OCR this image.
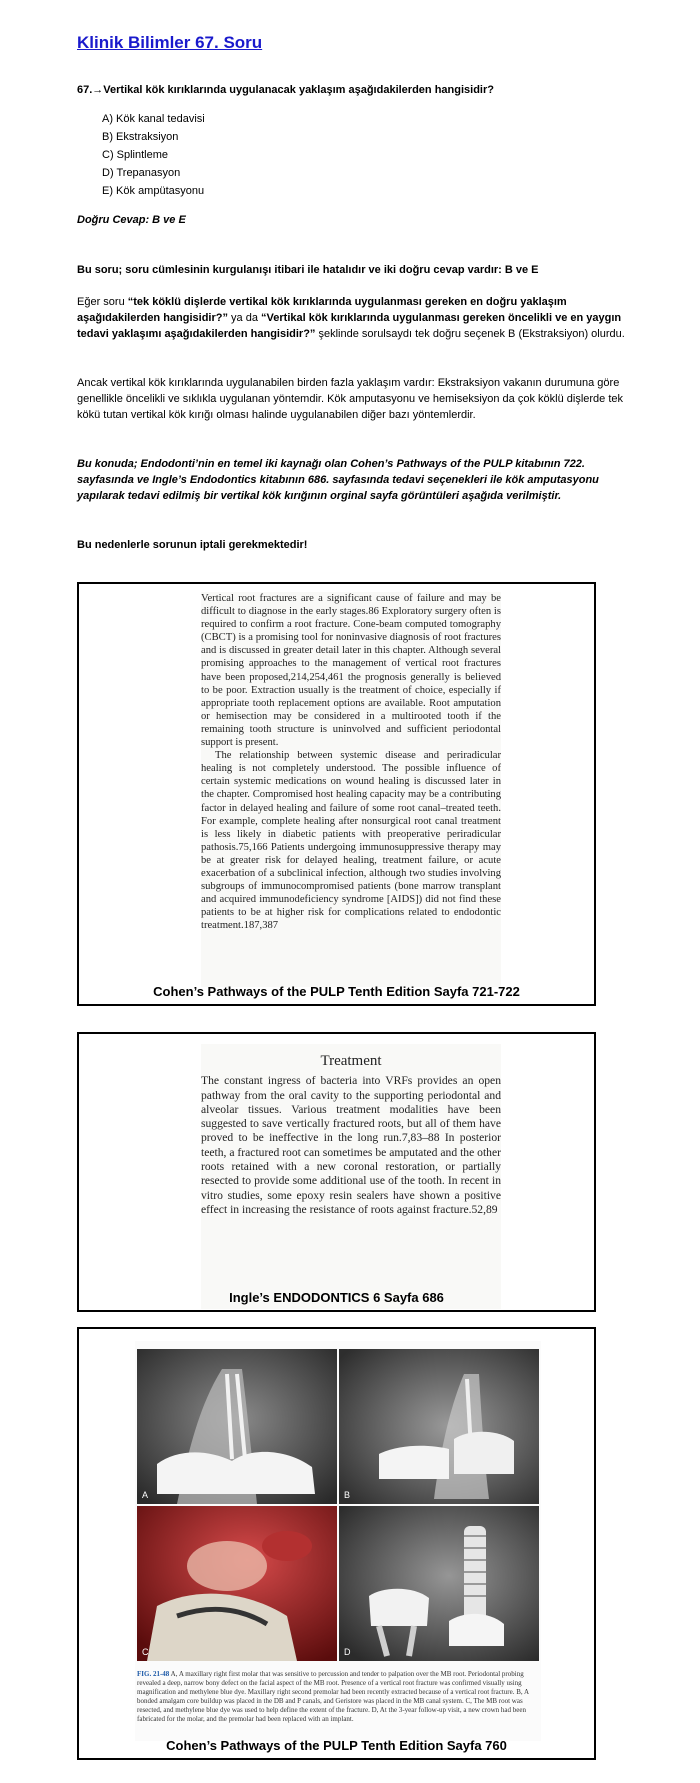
Klinik Bilimler 67. Soru
67.→Vertikal kök kırıklarında uygulanacak yaklaşım aşağıdakilerden hangisidir?
A) Kök kanal tedavisi
B) Ekstraksiyon
C) Splintleme
D) Trepanasyon
E) Kök ampütasyonu
Doğru Cevap: B ve E

Bu soru; soru cümlesinin kurgulanışı itibari ile hatalıdır ve iki doğru cevap vardır: B ve E

Eğer soru “tek köklü dişlerde vertikal kök kırıklarında uygulanması gereken en doğru yaklaşım aşağıdakilerden hangisidir?” ya da “Vertikal kök kırıklarında uygulanması gereken öncelikli ve en yaygın tedavi yaklaşımı aşağıdakilerden hangisidir?” şeklinde sorulsaydı tek doğru seçenek B (Ekstraksiyon) olurdu.

Ancak vertikal kök kırıklarında uygulanabilen birden fazla yaklaşım vardır: Ekstraksiyon vakanın durumuna göre genellikle öncelikli ve sıklıkla uygulanan yöntemdir. Kök amputasyonu ve hemiseksiyon da çok köklü dişlerde tek kökü tutan vertikal kök kırığı olması halinde uygulanabilen diğer bazı yöntemlerdir.

Bu konuda; Endodonti’nin en temel iki kaynağı olan Cohen’s Pathways of the PULP kitabının 722. sayfasında ve Ingle’s Endodontics kitabının 686. sayfasında tedavi seçenekleri ile kök amputasyonu yapılarak tedavi edilmiş bir vertikal kök kırığının orginal sayfa görüntüleri aşağıda verilmiştir.

Bu nedenlerle sorunun iptali gerekmektedir!

Vertical root fractures are a significant cause of failure and may be difficult to diagnose in the early stages.86 Exploratory surgery often is required to confirm a root fracture. Cone-beam computed tomography (CBCT) is a promising tool for noninvasive diagnosis of root fractures and is discussed in greater detail later in this chapter. Although several promising approaches to the management of vertical root fractures have been proposed,214,254,461 the prognosis generally is believed to be poor. Extraction usually is the treatment of choice, especially if appropriate tooth replacement options are available. Root amputation or hemisection may be considered in a multirooted tooth if the remaining tooth structure is uninvolved and sufficient periodontal support is present.

The relationship between systemic disease and periradicular healing is not completely understood. The possible influence of certain systemic medications on wound healing is discussed later in the chapter. Compromised host healing capacity may be a contributing factor in delayed healing and failure of some root canal–treated teeth. For example, complete healing after nonsurgical root canal treatment is less likely in diabetic patients with preoperative periradicular pathosis.75,166 Patients undergoing immunosuppressive therapy may be at greater risk for delayed healing, treatment failure, or acute exacerbation of a subclinical infection, although two studies involving subgroups of immunocompromised patients (bone marrow transplant and acquired immunodeficiency syndrome [AIDS]) did not find these patients to be at higher risk for complications related to endodontic treatment.187,387

Cohen’s Pathways of the PULP Tenth Edition Sayfa 721-722
Treatment
The constant ingress of bacteria into VRFs provides an open pathway from the oral cavity to the supporting periodontal and alveolar tissues. Various treatment modalities have been suggested to save vertically fractured roots, but all of them have proved to be ineffective in the long run.7,83–88 In posterior teeth, a fractured root can sometimes be amputated and the other roots retained with a new coronal restoration, or partially resected to provide some additional use of the tooth. In recent in vitro studies, some epoxy resin sealers have shown a positive effect in increasing the resistance of roots against fracture.52,89
Ingle’s ENDODONTICS 6 Sayfa 686
A	B
C	D
FIG. 21-48 A, A maxillary right first molar that was sensitive to percussion and tender to palpation over the MB root. Periodontal probing revealed a deep, narrow bony defect on the facial aspect of the MB root. Presence of a vertical root fracture was confirmed visually using magnification and methylene blue dye. Maxillary right second premolar had been recently extracted because of a vertical root fracture. B, A bonded amalgam core buildup was placed in the DB and P canals, and Geristore was placed in the MB canal system. C, The MB root was resected, and methylene blue dye was used to help define the extent of the fracture. D, At the 3-year follow-up visit, a new crown had been fabricated for the molar, and the premolar had been replaced with an implant.
Cohen’s Pathways of the PULP Tenth Edition Sayfa 760
